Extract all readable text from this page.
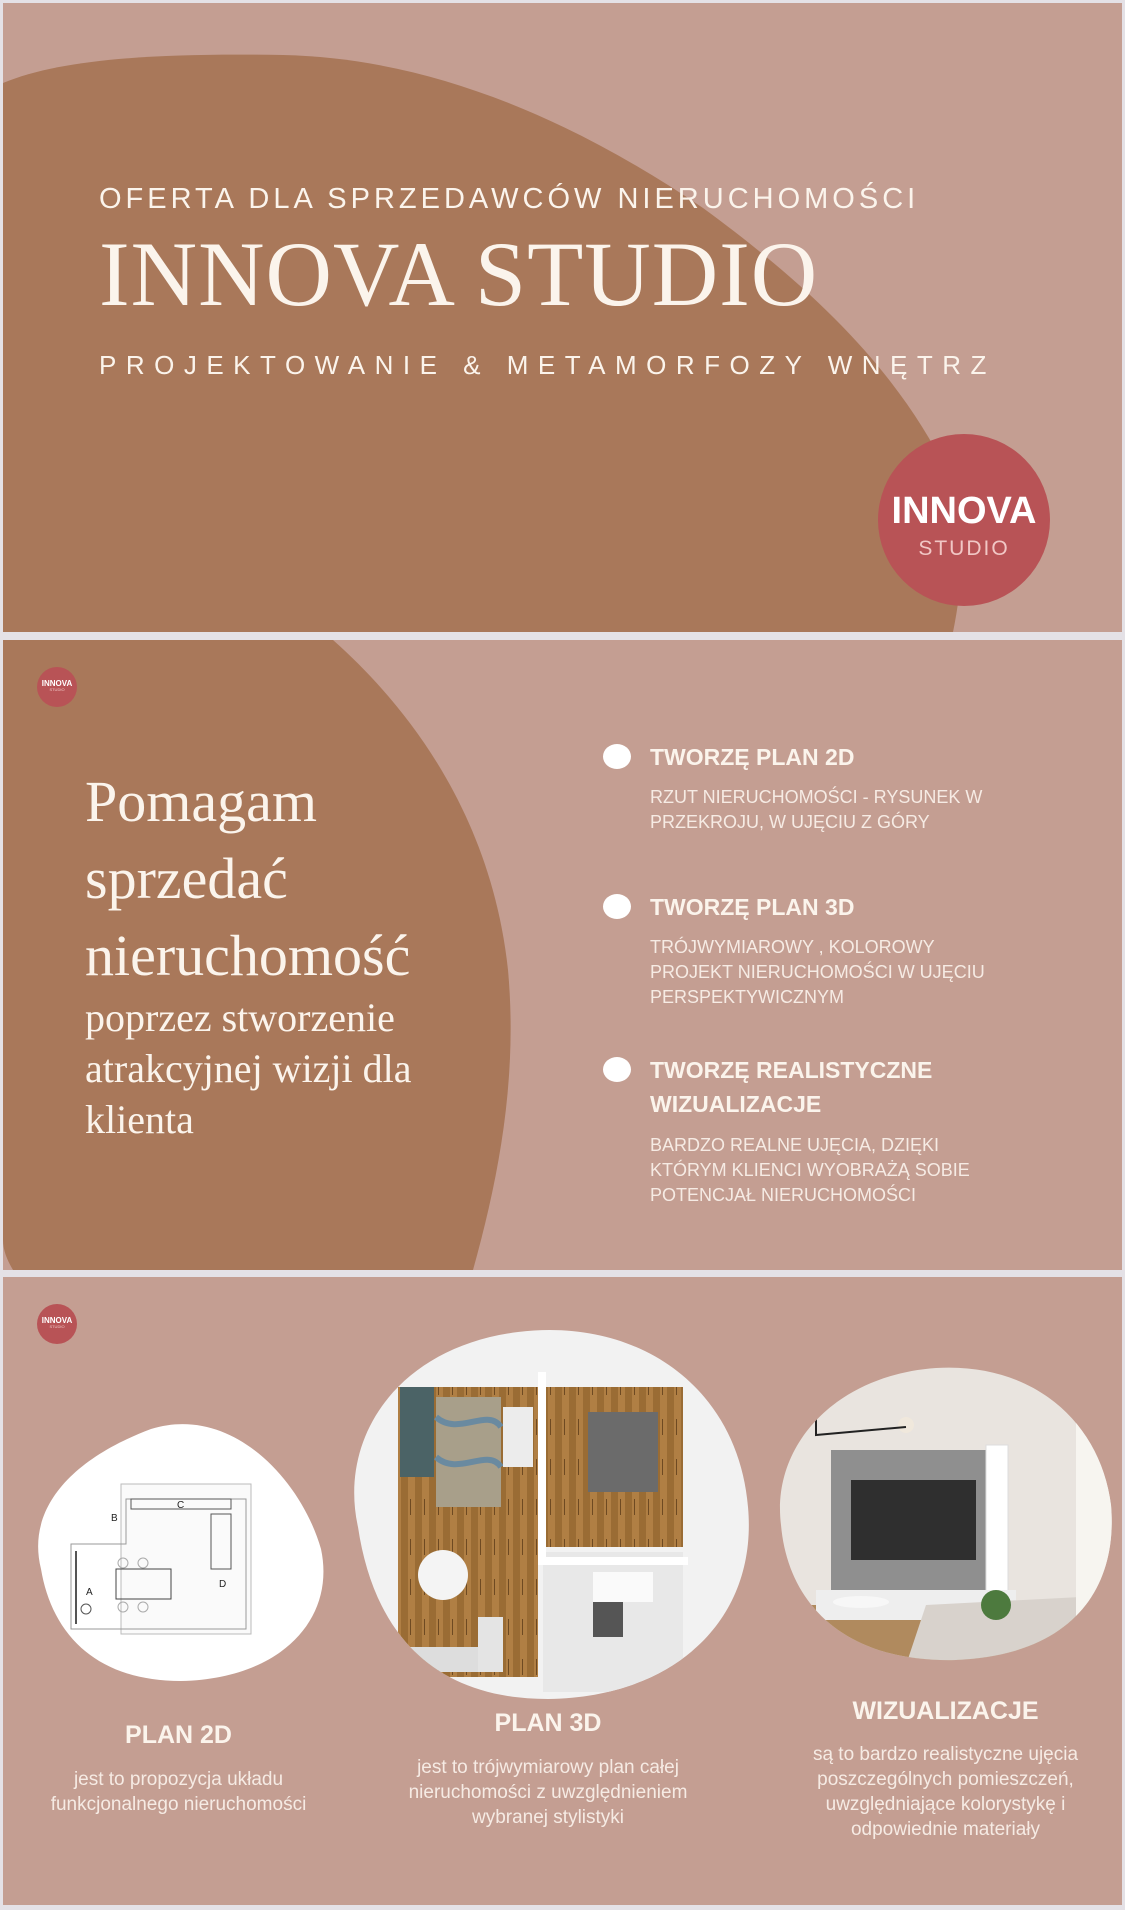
OFERTA DLA SPRZEDAWCÓW NIERUCHOMOŚCI
INNOVA STUDIO
PROJEKTOWANIE & METAMORFOZY WNĘTRZ
INNOVA
STUDIO
INNOVA
STUDIO
Pomagam
sprzedać
nieruchomość
poprzez stworzenie
atrakcyjnej wizji dla
klienta
TWORZĘ PLAN 2D
RZUT NIERUCHOMOŚCI - RYSUNEK W PRZEKROJU, W UJĘCIU Z GÓRY
TWORZĘ PLAN 3D
TRÓJWYMIAROWY , KOLOROWY PROJEKT NIERUCHOMOŚCI W UJĘCIU PERSPEKTYWICZNYM
TWORZĘ REALISTYCZNE WIZUALIZACJE
BARDZO REALNE UJĘCIA, DZIĘKI KTÓRYM KLIENCI WYOBRAŻĄ SOBIE POTENCJAŁ NIERUCHOMOŚCI
INNOVA
STUDIO
A
B
C
D
PLAN 2D
jest to propozycja układu funkcjonalnego nieruchomości
PLAN 3D
jest to trójwymiarowy plan całej nieruchomości z uwzględnieniem wybranej stylistyki
WIZUALIZACJE
są to bardzo realistyczne ujęcia poszczególnych pomieszczeń, uwzględniające kolorystykę i odpowiednie materiały
